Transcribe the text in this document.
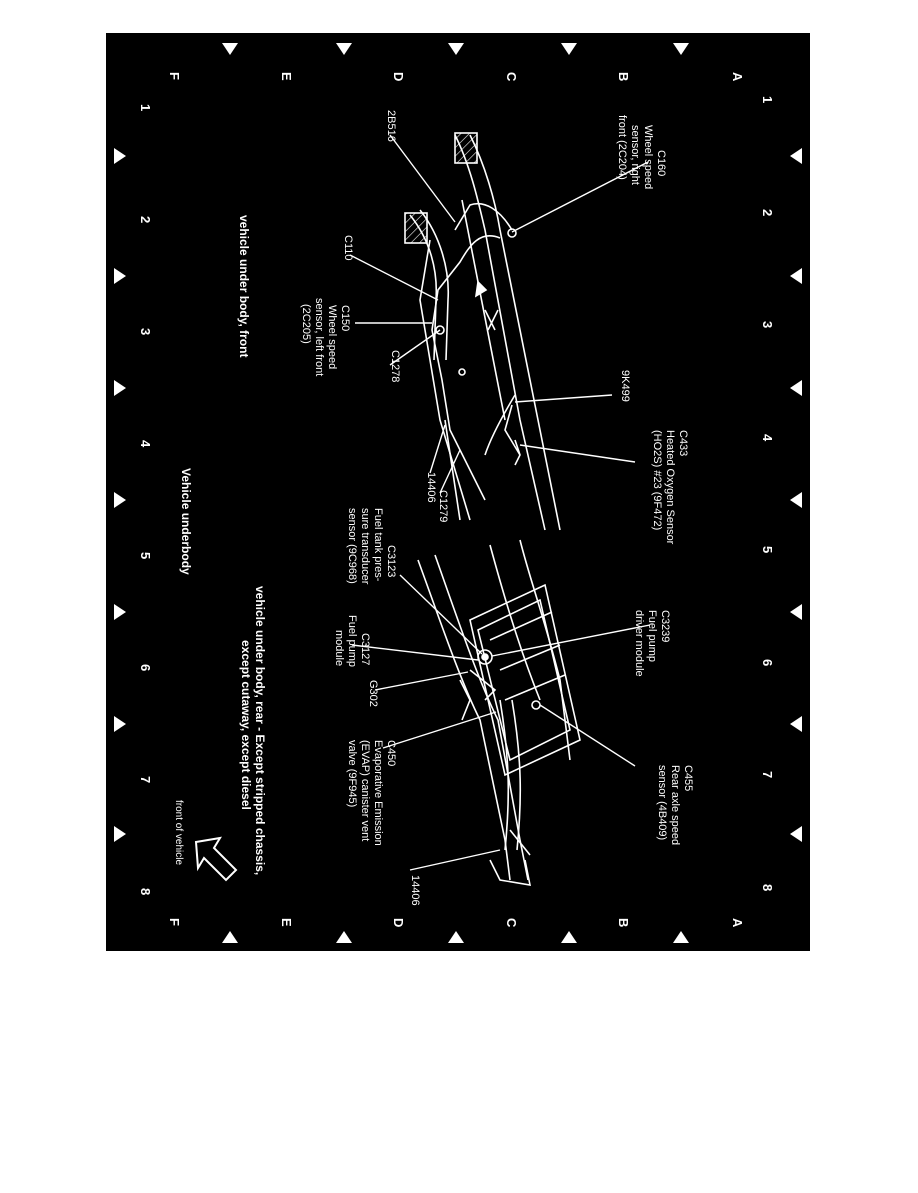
A
B
C
D
E
F
A
B
C
D
E
F
1
2
3
4
5
6
7
8
1
2
3
4
5
6
7
8
C160
Wheel speed
sensor, right
front (2C204)
2B516
C110
C150
Wheel speed
sensor, left front
(2C205)
C1278
9K499
C433
Heated Oxygen Sensor
(HO2S) #23 (9F472)
14406
C1279
C3123
Fuel tank pres-
sure transducer
sensor (9C968)
C3239
Fuel pump
driver module
C3127
Fuel pump
module
G302
C450
Evaporative Emission
(EVAP) canister vent
valve (9F945)	C455
Rear axle speed
sensor (4B409)
14406
vehicle under body, front
Vehicle underbody
vehicle under body, rear - Except stripped chassis,
except cutaway, except diesel
front of vehicle
